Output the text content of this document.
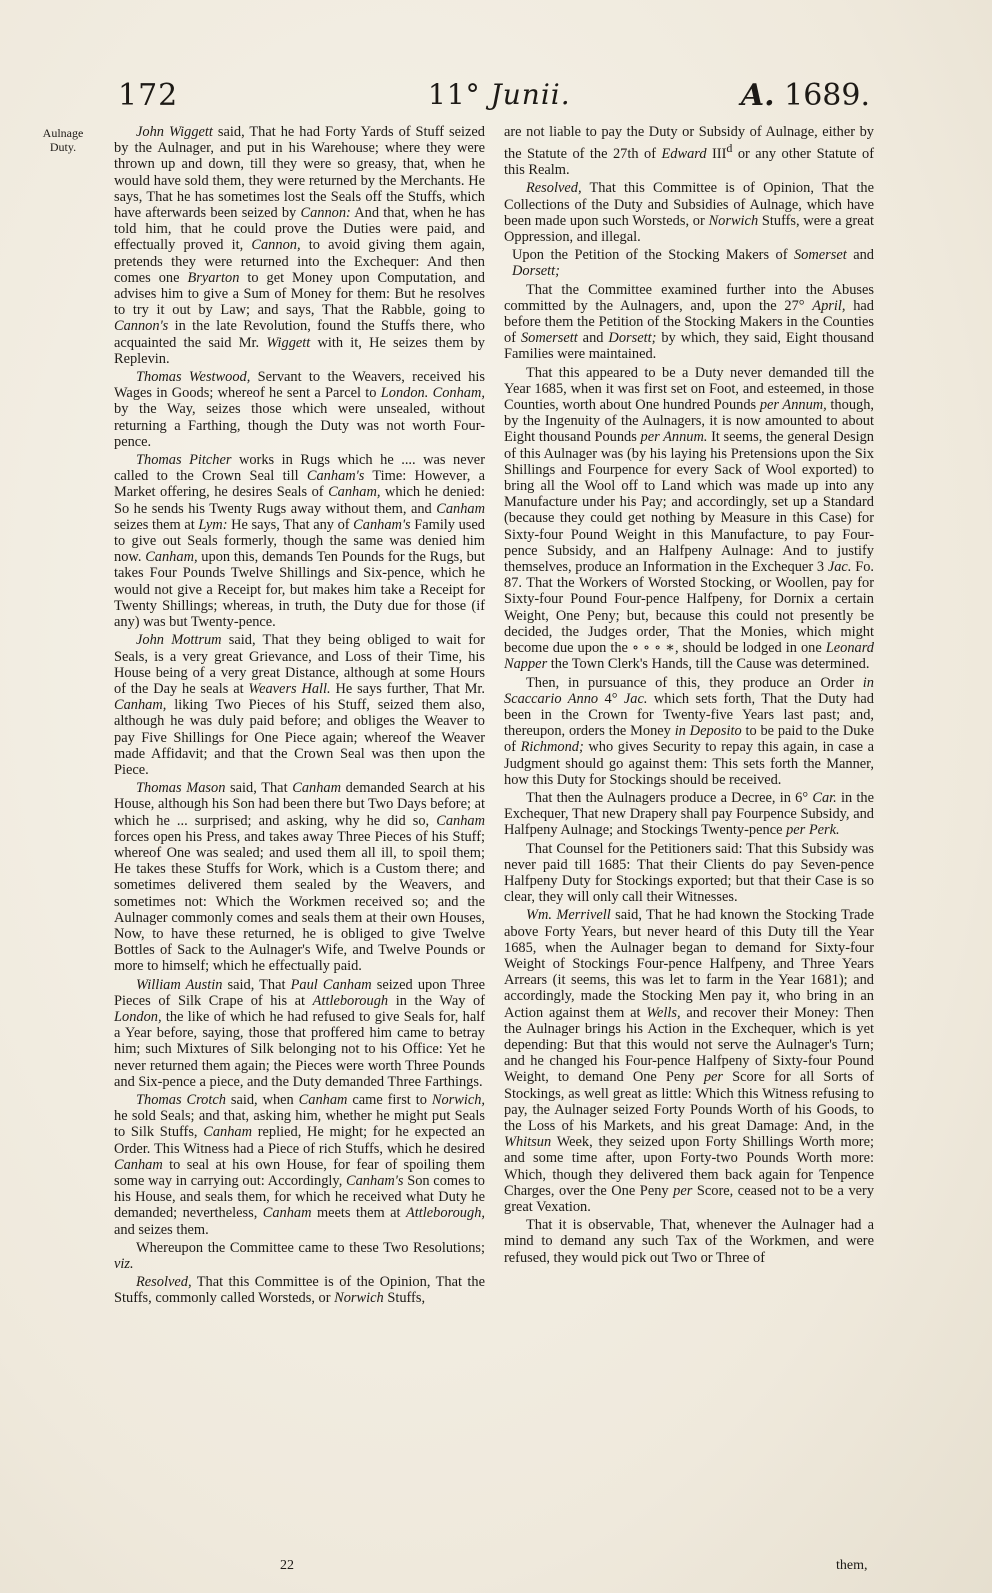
172	11° Junii.	A. 1689.
Aulnage
Duty.

John Wiggett said, That he had Forty Yards of Stuff seized by the Aulnager, and put in his Warehouse; where they were thrown up and down, till they were so greasy, that, when he would have sold them, they were returned by the Merchants. He says, That he has sometimes lost the Seals off the Stuffs, which have afterwards been seized by Cannon: And that, when he has told him, that he could prove the Duties were paid, and effectually proved it, Cannon, to avoid giving them again, pretends they were returned into the Exchequer: And then comes one Bryarton to get Money upon Computation, and advises him to give a Sum of Money for them: But he resolves to try it out by Law; and says, That the Rabble, going to Cannon's in the late Revolution, found the Stuffs there, who acquainted the said Mr. Wiggett with it, He seizes them by Replevin.

Thomas Westwood, Servant to the Weavers, received his Wages in Goods; whereof he sent a Parcel to London. Conham, by the Way, seizes those which were unsealed, without returning a Farthing, though the Duty was not worth Four-pence.

Thomas Pitcher works in Rugs which he .... was never called to the Crown Seal till Canham's Time: However, a Market offering, he desires Seals of Canham, which he denied: So he sends his Twenty Rugs away without them, and Canham seizes them at Lym: He says, That any of Canham's Family used to give out Seals formerly, though the same was denied him now. Canham, upon this, demands Ten Pounds for the Rugs, but takes Four Pounds Twelve Shillings and Six-pence, which he would not give a Receipt for, but makes him take a Receipt for Twenty Shillings; whereas, in truth, the Duty due for those (if any) was but Twenty-pence.

John Mottrum said, That they being obliged to wait for Seals, is a very great Grievance, and Loss of their Time, his House being of a very great Distance, although at some Hours of the Day he seals at Weavers Hall. He says further, That Mr. Canham, liking Two Pieces of his Stuff, seized them also, although he was duly paid before; and obliges the Weaver to pay Five Shillings for One Piece again; whereof the Weaver made Affidavit; and that the Crown Seal was then upon the Piece.

Thomas Mason said, That Canham demanded Search at his House, although his Son had been there but Two Days before; at which he ... surprised; and asking, why he did so, Canham forces open his Press, and takes away Three Pieces of his Stuff; whereof One was sealed; and used them all ill, to spoil them; He takes these Stuffs for Work, which is a Custom there; and sometimes delivered them sealed by the Weavers, and sometimes not: Which the Workmen received so; and the Aulnager commonly comes and seals them at their own Houses, Now, to have these returned, he is obliged to give Twelve Bottles of Sack to the Aulnager's Wife, and Twelve Pounds or more to himself; which he effectually paid.

William Austin said, That Paul Canham seized upon Three Pieces of Silk Crape of his at Attleborough in the Way of London, the like of which he had refused to give Seals for, half a Year before, saying, those that proffered him came to betray him; such Mixtures of Silk belonging not to his Office: Yet he never returned them again; the Pieces were worth Three Pounds and Six-pence a piece, and the Duty demanded Three Farthings.

Thomas Crotch said, when Canham came first to Norwich, he sold Seals; and that, asking him, whether he might put Seals to Silk Stuffs, Canham replied, He might; for he expected an Order. This Witness had a Piece of rich Stuffs, which he desired Canham to seal at his own House, for fear of spoiling them some way in carrying out: Accordingly, Canham's Son comes to his House, and seals them, for which he received what Duty he demanded; nevertheless, Canham meets them at Attleborough, and seizes them.

Whereupon the Committee came to these Two Resolutions; viz.

Resolved, That this Committee is of the Opinion, That the Stuffs, commonly called Worsteds, or Norwich Stuffs,

are not liable to pay the Duty or Subsidy of Aulnage, either by the Statute of the 27th of Edward III$^d$ or any other Statute of this Realm.

Resolved, That this Committee is of Opinion, That the Collections of the Duty and Subsidies of Aulnage, which have been made upon such Worsteds, or Norwich Stuffs, were a great Oppression, and illegal.

Upon the Petition of the Stocking Makers of Somerset and Dorsett;

That the Committee examined further into the Abuses committed by the Aulnagers, and, upon the 27° April, had before them the Petition of the Stocking Makers in the Counties of Somersett and Dorsett; by which, they said, Eight thousand Families were maintained.

That this appeared to be a Duty never demanded till the Year 1685, when it was first set on Foot, and esteemed, in those Counties, worth about One hundred Pounds per Annum, though, by the Ingenuity of the Aulnagers, it is now amounted to about Eight thousand Pounds per Annum. It seems, the general Design of this Aulnager was (by his laying his Pretensions upon the Six Shillings and Fourpence for every Sack of Wool exported) to bring all the Wool off to Land which was made up into any Manufacture under his Pay; and accordingly, set up a Standard (because they could get nothing by Measure in this Case) for Sixty-four Pound Weight in this Manufacture, to pay Four-pence Subsidy, and an Halfpeny Aulnage: And to justify themselves, produce an Information in the Exchequer 3 Jac. Fo. 87. That the Workers of Worsted Stocking, or Woollen, pay for Sixty-four Pound Four-pence Halfpeny, for Dornix a certain Weight, One Peny; but, because this could not presently be decided, the Judges order, That the Monies, which might become due upon the ∘ ∘ ∘ ∗, should be lodged in one Leonard Napper the Town Clerk's Hands, till the Cause was determined.

Then, in pursuance of this, they produce an Order in Scaccario Anno 4° Jac. which sets forth, That the Duty had been in the Crown for Twenty-five Years last past; and, thereupon, orders the Money in Deposito to be paid to the Duke of Richmond; who gives Security to repay this again, in case a Judgment should go against them: This sets forth the Manner, how this Duty for Stockings should be received.

That then the Aulnagers produce a Decree, in 6° Car. in the Exchequer, That new Drapery shall pay Fourpence Subsidy, and Halfpeny Aulnage; and Stockings Twenty-pence per Perk.

That Counsel for the Petitioners said: That this Subsidy was never paid till 1685: That their Clients do pay Seven-pence Halfpeny Duty for Stockings exported; but that their Case is so clear, they will only call their Witnesses.

Wm. Merrivell said, That he had known the Stocking Trade above Forty Years, but never heard of this Duty till the Year 1685, when the Aulnager began to demand for Sixty-four Weight of Stockings Four-pence Halfpeny, and Three Years Arrears (it seems, this was let to farm in the Year 1681); and accordingly, made the Stocking Men pay it, who bring in an Action against them at Wells, and recover their Money: Then the Aulnager brings his Action in the Exchequer, which is yet depending: But that this would not serve the Aulnager's Turn; and he changed his Four-pence Halfpeny of Sixty-four Pound Weight, to demand One Peny per Score for all Sorts of Stockings, as well great as little: Which this Witness refusing to pay, the Aulnager seized Forty Pounds Worth of his Goods, to the Loss of his Markets, and his great Damage: And, in the Whitsun Week, they seized upon Forty Shillings Worth more; and some time after, upon Forty-two Pounds Worth more: Which, though they delivered them back again for Tenpence Charges, over the One Peny per Score, ceased not to be a very great Vexation.

That it is observable, That, whenever the Aulnager had a mind to demand any such Tax of the Workmen, and were refused, they would pick out Two or Three of

22	them,
